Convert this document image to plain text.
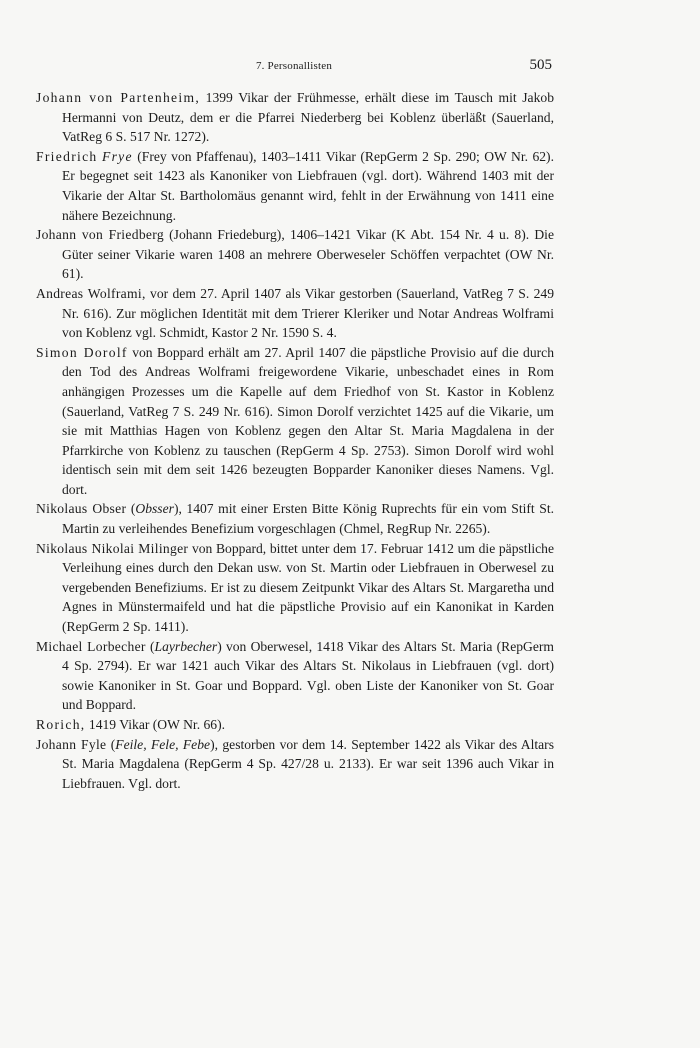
7. Personallisten	505

Johann von Partenheim, 1399 Vikar der Frühmesse, erhält diese im Tausch mit Jakob Hermanni von Deutz, dem er die Pfarrei Niederberg bei Koblenz überläßt (Sauerland, VatReg 6 S. 517 Nr. 1272).

Friedrich Frye (Frey von Pfaffenau), 1403–1411 Vikar (RepGerm 2 Sp. 290; OW Nr. 62). Er begegnet seit 1423 als Kanoniker von Liebfrauen (vgl. dort). Während 1403 mit der Vikarie der Altar St. Bartholomäus genannt wird, fehlt in der Erwähnung von 1411 eine nähere Bezeichnung.

Johann von Friedberg (Johann Friedeburg), 1406–1421 Vikar (K Abt. 154 Nr. 4 u. 8). Die Güter seiner Vikarie waren 1408 an mehrere Oberweseler Schöffen verpachtet (OW Nr. 61).

Andreas Wolframi, vor dem 27. April 1407 als Vikar gestorben (Sauerland, VatReg 7 S. 249 Nr. 616). Zur möglichen Identität mit dem Trierer Kleriker und Notar Andreas Wolframi von Koblenz vgl. Schmidt, Kastor 2 Nr. 1590 S. 4.

Simon Dorolf von Boppard erhält am 27. April 1407 die päpstliche Provisio auf die durch den Tod des Andreas Wolframi freigewordene Vikarie, unbeschadet eines in Rom anhängigen Prozesses um die Kapelle auf dem Friedhof von St. Kastor in Koblenz (Sauerland, VatReg 7 S. 249 Nr. 616). Simon Dorolf verzichtet 1425 auf die Vikarie, um sie mit Matthias Hagen von Koblenz gegen den Altar St. Maria Magdalena in der Pfarrkirche von Koblenz zu tauschen (RepGerm 4 Sp. 2753). Simon Dorolf wird wohl identisch sein mit dem seit 1426 bezeugten Bopparder Kanoniker dieses Namens. Vgl. dort.

Nikolaus Obser (Obsser), 1407 mit einer Ersten Bitte König Ruprechts für ein vom Stift St. Martin zu verleihendes Benefizium vorgeschlagen (Chmel, RegRup Nr. 2265).

Nikolaus Nikolai Milinger von Boppard, bittet unter dem 17. Februar 1412 um die päpstliche Verleihung eines durch den Dekan usw. von St. Martin oder Liebfrauen in Oberwesel zu vergebenden Benefiziums. Er ist zu diesem Zeitpunkt Vikar des Altars St. Margaretha und Agnes in Münstermaifeld und hat die päpstliche Provisio auf ein Kanonikat in Karden (RepGerm 2 Sp. 1411).

Michael Lorbecher (Layrbecher) von Oberwesel, 1418 Vikar des Altars St. Maria (RepGerm 4 Sp. 2794). Er war 1421 auch Vikar des Altars St. Nikolaus in Liebfrauen (vgl. dort) sowie Kanoniker in St. Goar und Boppard. Vgl. oben Liste der Kanoniker von St. Goar und Boppard.

Rorich, 1419 Vikar (OW Nr. 66).

Johann Fyle (Feile, Fele, Febe), gestorben vor dem 14. September 1422 als Vikar des Altars St. Maria Magdalena (RepGerm 4 Sp. 427/28 u. 2133). Er war seit 1396 auch Vikar in Liebfrauen. Vgl. dort.
